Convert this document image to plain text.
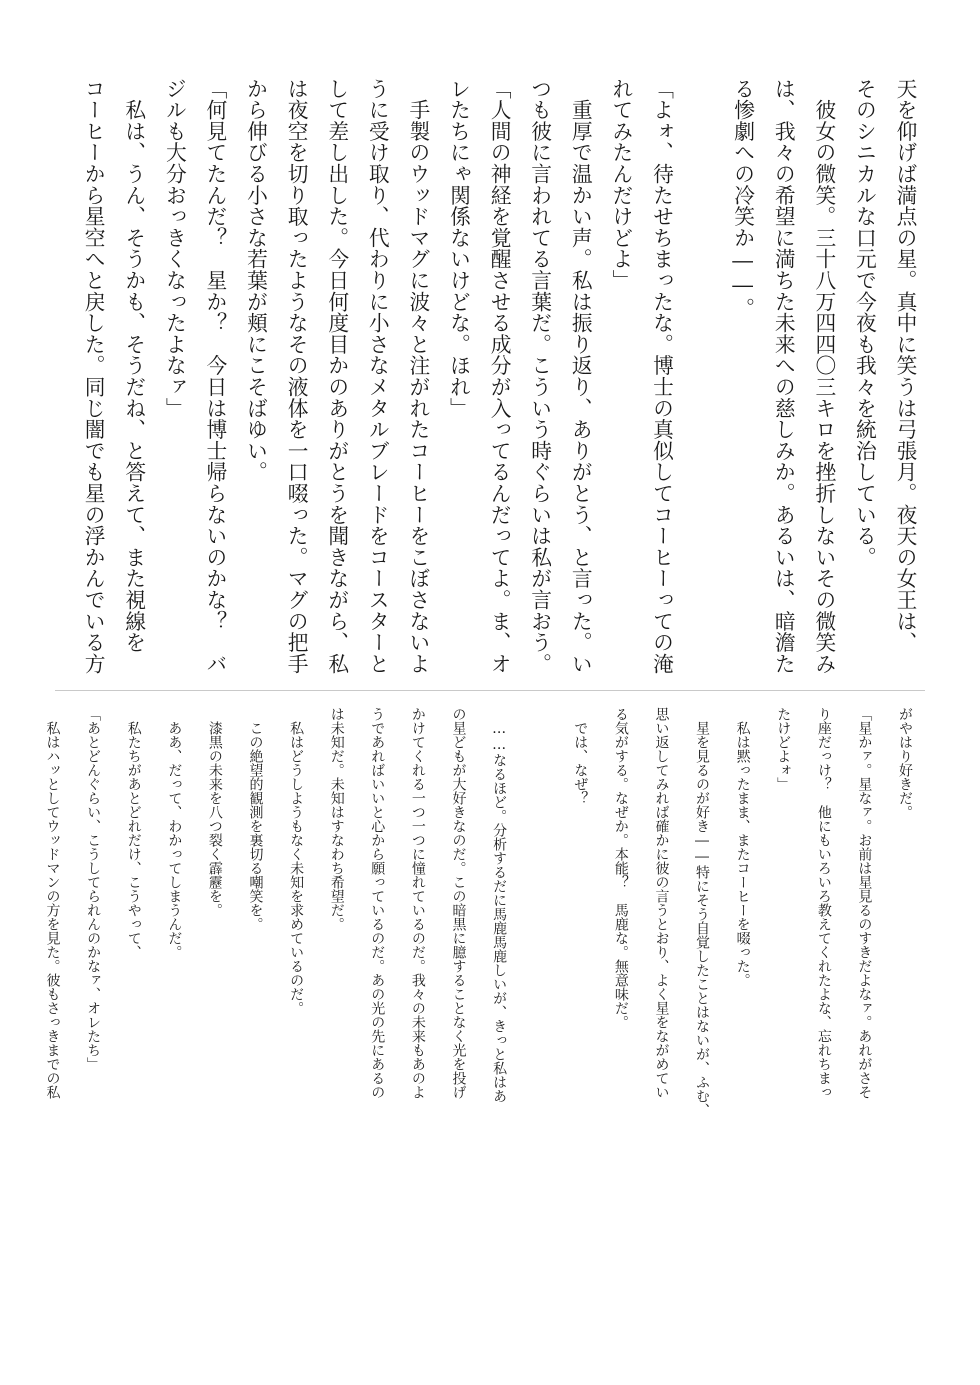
天を仰げば満点の星。真中に笑うは弓張月。夜天の女王は、

そのシニカルな口元で今夜も我々を統治している。

　彼女の微笑。三十八万四四〇三キロを挫折しないその微笑み

は、我々の希望に満ちた未来への慈しみか。あるいは、暗澹た

る惨劇への冷笑か――。

「よォ、待たせちまったな。博士の真似してコーヒーっての淹

れてみたんだけどよ」

　重厚で温かい声。私は振り返り、ありがとう、と言った。い

つも彼に言われてる言葉だ。こういう時ぐらいは私が言おう。

「人間の神経を覚醒させる成分が入ってるんだってよ。ま、オ

レたちにゃ関係ないけどな。ほれ」

　手製のウッドマグに波々と注がれたコーヒーをこぼさないよ

うに受け取り、代わりに小さなメタルブレードをコースターと

して差し出した。今日何度目かのありがとうを聞きながら、私

は夜空を切り取ったようなその液体を一口啜った。マグの把手

から伸びる小さな若葉が頬にこそばゆい。

「何見てたんだ？　星か？　今日は博士帰らないのかな？　バ

ジルも大分おっきくなったよなァ」

　私は、うん、そうかも、そうだね、と答えて、また視線を

コーヒーから星空へと戻した。同じ闇でも星の浮かんでいる方

がやはり好きだ。

「星かァ。星なァ。お前は星見るのすきだよなァ。あれがさそ

り座だっけ？　他にもいろいろ教えてくれたよな、忘れちまっ

たけどよォ」

　私は黙ったまま、またコーヒーを啜った。

　星を見るのが好き――特にそう自覚したことはないが、ふむ、

思い返してみれば確かに彼の言うとおり、よく星をながめてい

る気がする。なぜか。本能？　馬鹿な。無意味だ。

　では、なぜ？

　……なるほど。分析するだに馬鹿馬鹿しいが、きっと私はあ

の星どもが大好きなのだ。この暗黒に臆することなく光を投げ

かけてくれる一つ一つに憧れているのだ。我々の未来もあのよ

うであればいいと心から願っているのだ。あの光の先にあるの

は未知だ。未知はすなわち希望だ。

　私はどうしようもなく未知を求めているのだ。

　この絶望的観測を裏切る嘲笑を。

　漆黒の未来を八つ裂く霹靂を。

　ああ、だって、わかってしまうんだ。

　私たちがあとどれだけ、こうやって、

「あとどんぐらい、こうしてられんのかなァ、オレたち」

　私はハッとしてウッドマンの方を見た。彼もさっきまでの私
